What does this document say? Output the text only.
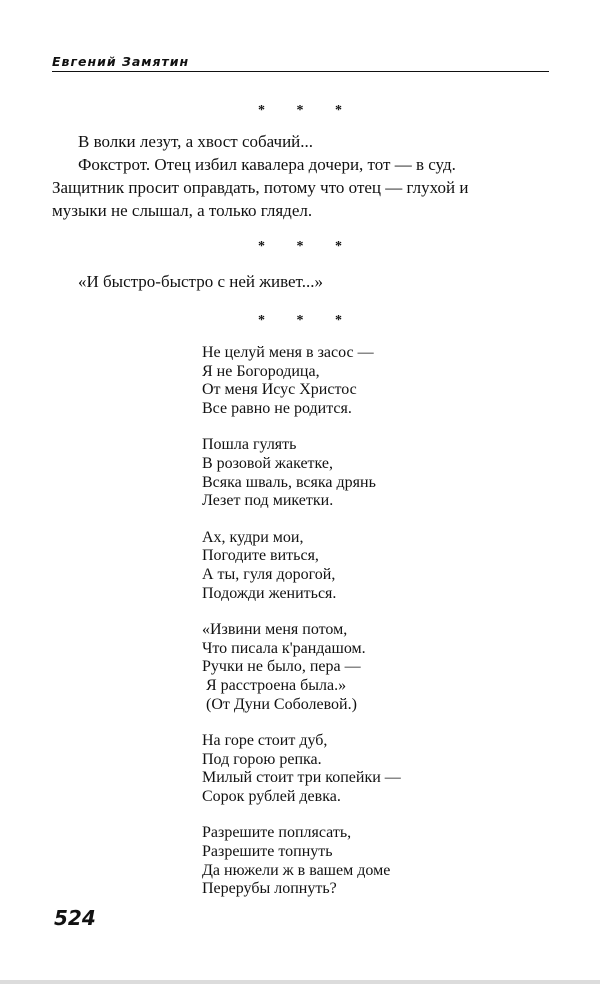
Евгений Замятин
* * *
В волки лезут, а хвост собачий...
Фокстрот. Отец избил кавалера дочери, тот — в суд.
Защитник просит оправдать, потому что отец — глухой и
музыки не слышал, а только глядел.
* * *
«И быстро-быстро с ней живет...»
* * *
Не целуй меня в засос —
Я не Богородица,
От меня Исус Христос
Все равно не родится.
Пошла гулять
В розовой жакетке,
Всяка шваль, всяка дрянь
Лезет под микетки.
Ах, кудри мои,
Погодите виться,
А ты, гуля дорогой,
Подожди жениться.
«Извини меня потом,
Что писала к'рандашом.
Ручки не было, пера —
Я расстроена была.»
(От Дуни Соболевой.)
На горе стоит дуб,
Под горою репка.
Милый стоит три копейки —
Сорок рублей девка.
Разрешите поплясать,
Разрешите топнуть
Да нюжели ж в вашем доме
Перерубы лопнуть?
524
